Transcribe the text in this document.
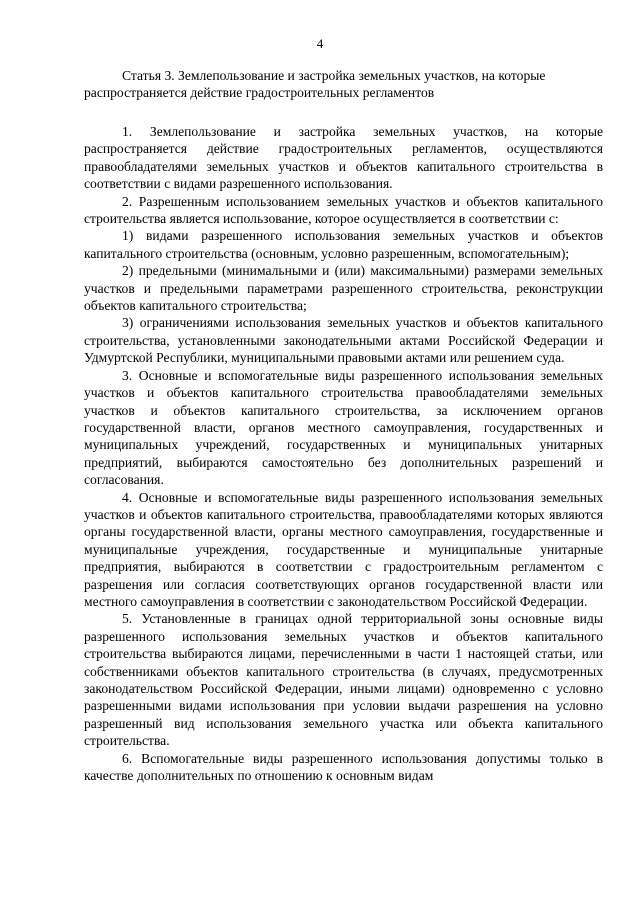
4
Статья 3. Землепользование и застройка земельных участков, на которые распространяется действие градостроительных регламентов

1. Землепользование и застройка земельных участков, на которые распространяется действие градостроительных регламентов, осуществляются правообладателями земельных участков и объектов капитального строительства в соответствии с видами разрешенного использования.

2. Разрешенным использованием земельных участков и объектов капитального строительства является использование, которое осуществляется в соответствии с:

1) видами разрешенного использования земельных участков и объектов капитального строительства (основным, условно разрешенным, вспомогательным);

2) предельными (минимальными и (или) максимальными) размерами земельных участков и предельными параметрами разрешенного строительства, реконструкции объектов капитального строительства;

3) ограничениями использования земельных участков и объектов капитального строительства, установленными законодательными актами Российской Федерации и Удмуртской Республики, муниципальными правовыми актами или решением суда.

3. Основные и вспомогательные виды разрешенного использования земельных участков и объектов капитального строительства правообладателями земельных участков и объектов капитального строительства, за исключением органов государственной власти, органов местного самоуправления, государственных и муниципальных учреждений, государственных и муниципальных унитарных предприятий, выбираются самостоятельно без дополнительных разрешений и согласования.

4. Основные и вспомогательные виды разрешенного использования земельных участков и объектов капитального строительства, правообладателями которых являются органы государственной власти, органы местного самоуправления, государственные и муниципальные учреждения, государственные и муниципальные унитарные предприятия, выбираются в соответствии с градостроительным регламентом с разрешения или согласия соответствующих органов государственной власти или местного самоуправления в соответствии с законодательством Российской Федерации.

5. Установленные в границах одной территориальной зоны основные виды разрешенного использования земельных участков и объектов капитального строительства выбираются лицами, перечисленными в части 1 настоящей статьи, или собственниками объектов капитального строительства (в случаях, предусмотренных законодательством Российской Федерации, иными лицами) одновременно с условно разрешенными видами использования при условии выдачи разрешения на условно разрешенный вид использования земельного участка или объекта капитального строительства.

6. Вспомогательные виды разрешенного использования допустимы только в качестве дополнительных по отношению к основным видам
